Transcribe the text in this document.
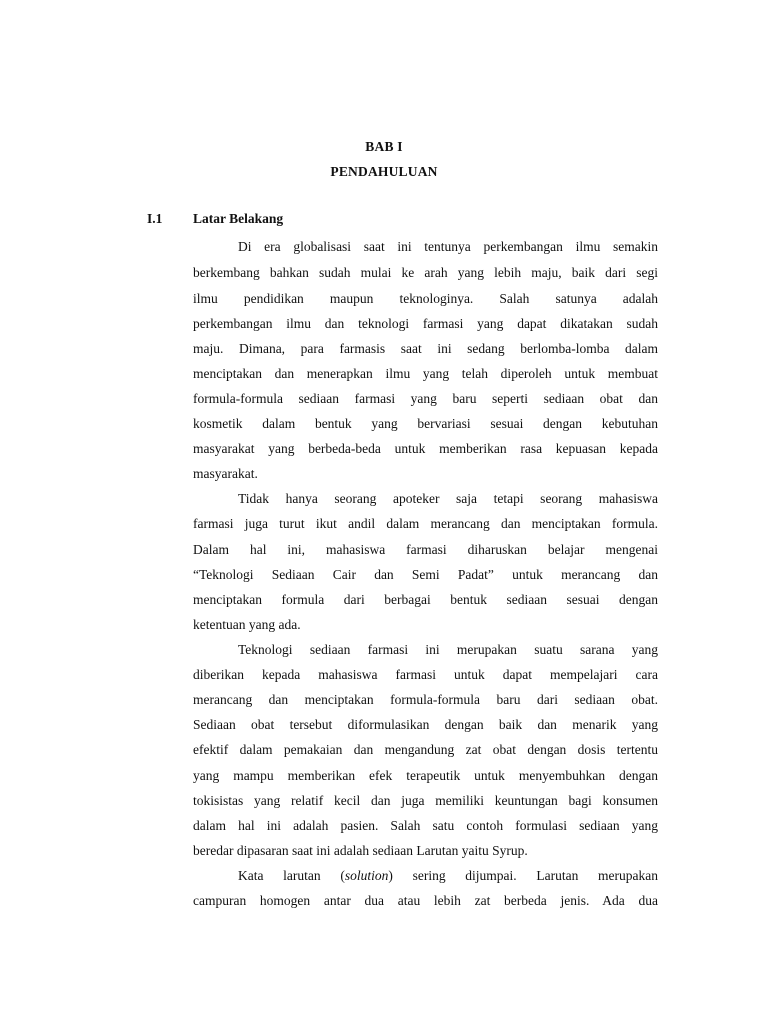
BAB I
PENDAHULUAN
I.1 Latar Belakang
Di era globalisasi saat ini tentunya perkembangan ilmu semakin
berkembang bahkan sudah mulai ke arah yang lebih maju, baik dari segi
ilmu pendidikan maupun teknologinya. Salah satunya adalah
perkembangan ilmu dan teknologi farmasi yang dapat dikatakan sudah
maju. Dimana, para farmasis saat ini sedang berlomba-lomba dalam
menciptakan dan menerapkan ilmu yang telah diperoleh untuk membuat
formula-formula sediaan farmasi yang baru seperti sediaan obat dan
kosmetik dalam bentuk yang bervariasi sesuai dengan kebutuhan
masyarakat yang berbeda-beda untuk memberikan rasa kepuasan kepada
masyarakat.
Tidak hanya seorang apoteker saja tetapi seorang mahasiswa
farmasi juga turut ikut andil dalam merancang dan menciptakan formula.
Dalam hal ini, mahasiswa farmasi diharuskan belajar mengenai
“Teknologi Sediaan Cair dan Semi Padat” untuk merancang dan
menciptakan formula dari berbagai bentuk sediaan sesuai dengan
ketentuan yang ada.
Teknologi sediaan farmasi ini merupakan suatu sarana yang
diberikan kepada mahasiswa farmasi untuk dapat mempelajari cara
merancang dan menciptakan formula-formula baru dari sediaan obat.
Sediaan obat tersebut diformulasikan dengan baik dan menarik yang
efektif dalam pemakaian dan mengandung zat obat dengan dosis tertentu
yang mampu memberikan efek terapeutik untuk menyembuhkan dengan
tokisistas yang relatif kecil dan juga memiliki keuntungan bagi konsumen
dalam hal ini adalah pasien. Salah satu contoh formulasi sediaan yang
beredar dipasaran saat ini adalah sediaan Larutan yaitu Syrup.
Kata larutan (solution) sering dijumpai. Larutan merupakan
campuran homogen antar dua atau lebih zat berbeda jenis. Ada dua
